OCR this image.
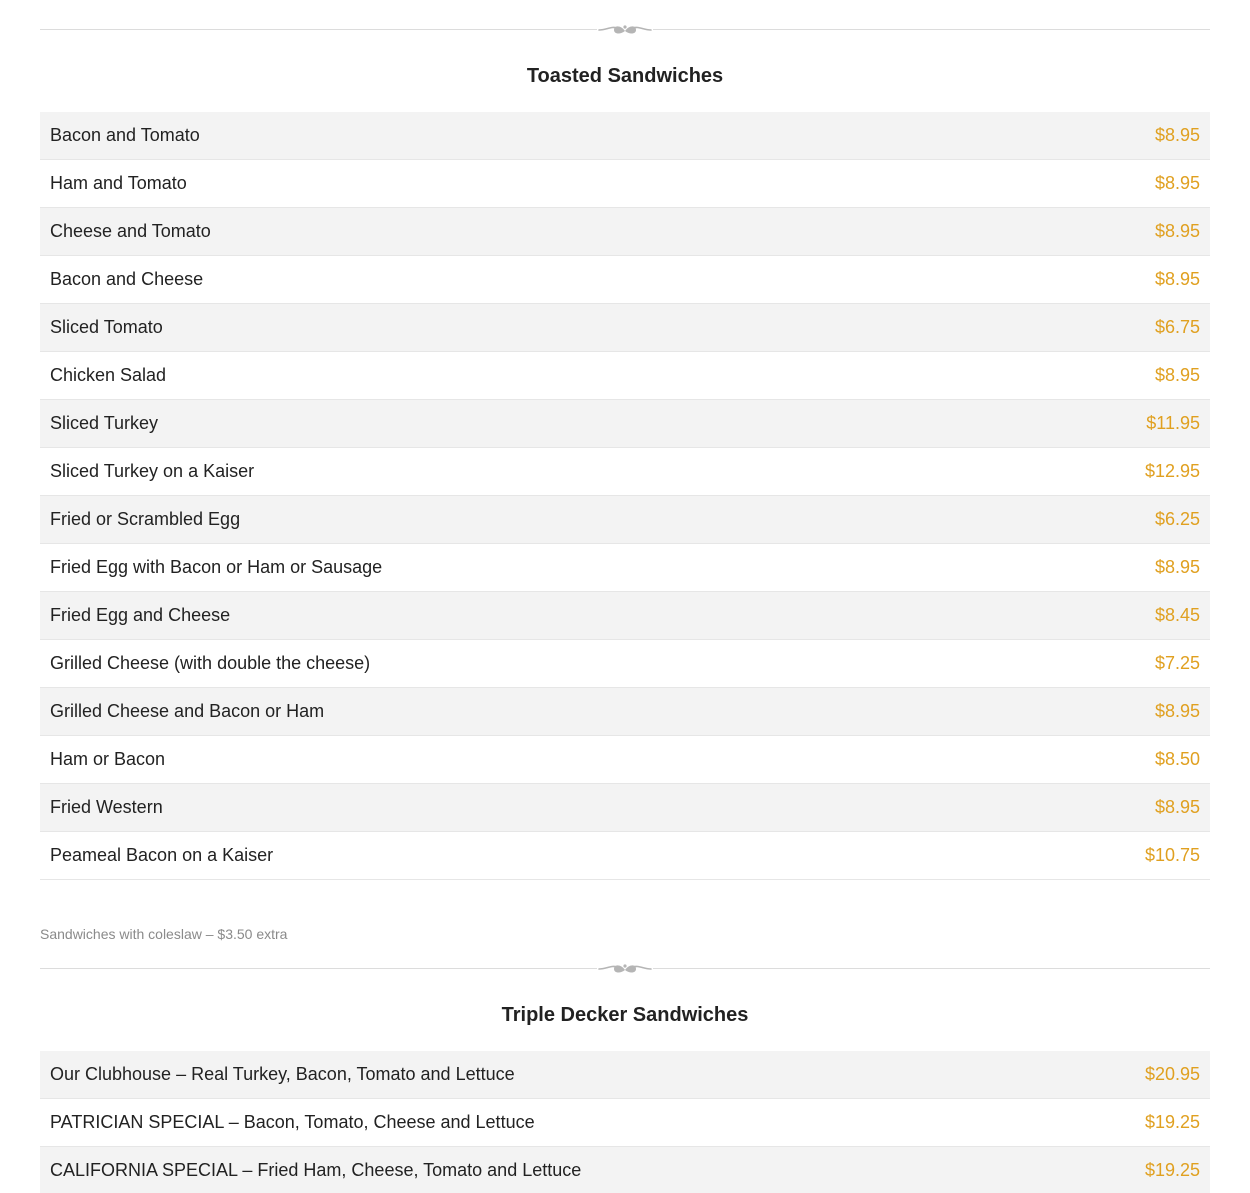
Toasted Sandwiches
Bacon and Tomato	$8.95
Ham and Tomato	$8.95
Cheese and Tomato	$8.95
Bacon and Cheese	$8.95
Sliced Tomato	$6.75
Chicken Salad	$8.95
Sliced Turkey	$11.95
Sliced Turkey on a Kaiser	$12.95
Fried or Scrambled Egg	$6.25
Fried Egg with Bacon or Ham or Sausage	$8.95
Fried Egg and Cheese	$8.45
Grilled Cheese (with double the cheese)	$7.25
Grilled Cheese and Bacon or Ham	$8.95
Ham or Bacon	$8.50
Fried Western	$8.95
Peameal Bacon on a Kaiser	$10.75

Sandwiches with coleslaw – $3.50 extra

Triple Decker Sandwiches
Our Clubhouse – Real Turkey, Bacon, Tomato and Lettuce	$20.95
PATRICIAN SPECIAL – Bacon, Tomato, Cheese and Lettuce	$19.25
CALIFORNIA SPECIAL – Fried Ham, Cheese, Tomato and Lettuce	$19.25
